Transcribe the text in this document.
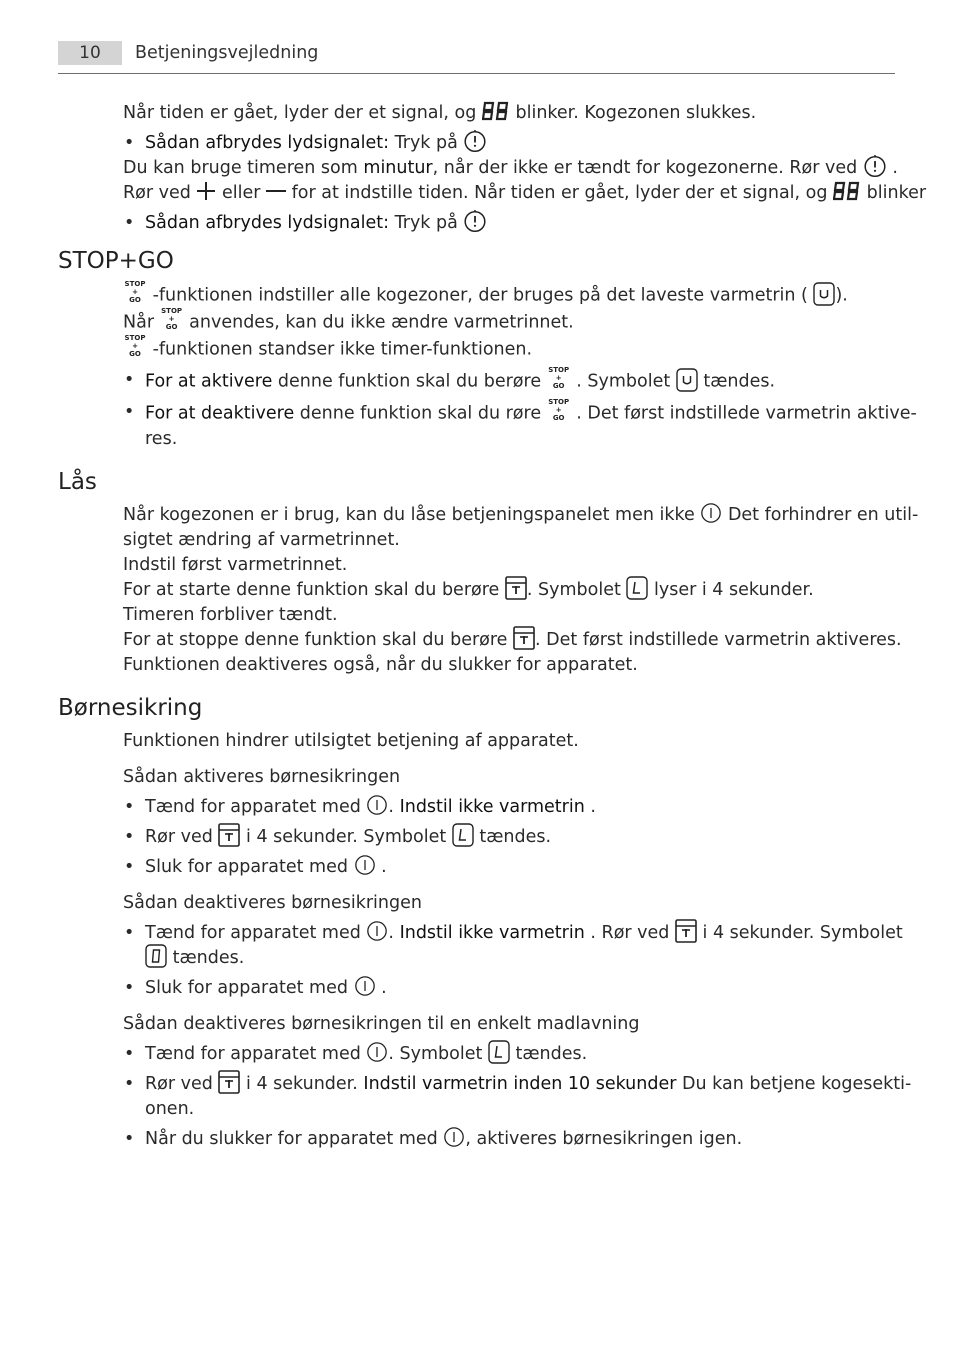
10	Betjeningsvejledning

Når tiden er gået, lyder der et signal, og blinker. Kogezonen slukkes.

• Sådan afbrydes lydsignalet: Tryk på

Du kan bruge timeren som minutur, når der ikke er tændt for kogezonerne. Rør ved .

Rør ved eller for at indstille tiden. Når tiden er gået, lyder der et signal, og blinker

• Sådan afbrydes lydsignalet: Tryk på
STOP+GO

STOP
+
GO -funktionen indstiller alle kogezoner, der bruges på det laveste varmetrin ( ).

Når
STOP
+
GO anvendes, kan du ikke ændre varmetrinnet.

STOP
+
GO -funktionen standser ikke timer-funktionen.

• For at aktivere denne funktion skal du berøre
STOP
+
GO . Symbolet tændes.
• For at deaktivere denne funktion skal du røre
STOP
+
GO . Det først indstillede varmetrin aktive-
res.
Lås

Når kogezonen er i brug, kan du låse betjeningspanelet men ikke Det forhindrer en util-

sigtet ændring af varmetrinnet.

Indstil først varmetrinnet.

For at starte denne funktion skal du berøre . Symbolet lyser i 4 sekunder.

Timeren forbliver tændt.

For at stoppe denne funktion skal du berøre . Det først indstillede varmetrin aktiveres.

Funktionen deaktiveres også, når du slukker for apparatet.

Børnesikring

Funktionen hindrer utilsigtet betjening af apparatet.

Sådan aktiveres børnesikringen

• Tænd for apparatet med . Indstil ikke varmetrin .
• Rør ved i 4 sekunder. Symbolet tændes.
• Sluk for apparatet med .

Sådan deaktiveres børnesikringen

• Tænd for apparatet med . Indstil ikke varmetrin . Rør ved i 4 sekunder. Symbolet

tændes.
• Sluk for apparatet med .

Sådan deaktiveres børnesikringen til en enkelt madlavning

• Tænd for apparatet med . Symbolet tændes.
• Rør ved i 4 sekunder. Indstil varmetrin inden 10 sekunder Du kan betjene kogesekti-
onen.
• Når du slukker for apparatet med , aktiveres børnesikringen igen.
